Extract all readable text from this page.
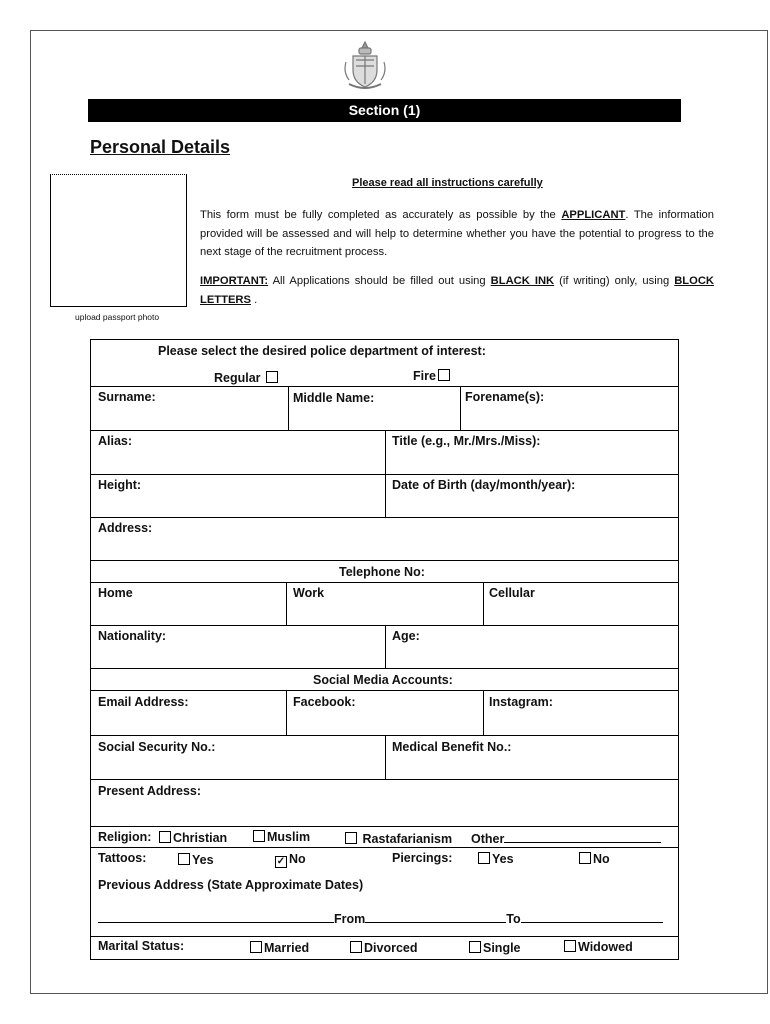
Section (1)
Personal Details
upload passport photo
Please read all instructions carefully
This form must be fully completed as accurately as possible by the APPLICANT. The information provided will be assessed and will help to determine whether you have the potential to progress to the next stage of the recruitment process.
IMPORTANT: All Applications should be filled out using BLACK INK (if writing) only, using BLOCK LETTERS .
Please select the desired police department of interest:
Regular	Fire
Surname:	Middle Name:	Forename(s):
Alias:	Title (e.g., Mr./Mrs./Miss):
Height:	Date of Birth (day/month/year):
Address:
Telephone No:
Home	Work	Cellular
Nationality:	Age:
Social Media Accounts:
Email Address:	Facebook:	Instagram:
Social Security No.:	Medical Benefit No.:
Present Address:
Religion:	Christian	Muslim	Rastafarianism Other
Tattoos:	Yes	✓ No	Piercings:	Yes	No
Previous Address (State Approximate Dates)
From	To
Marital Status:	Married	Divorced	Single	Widowed
